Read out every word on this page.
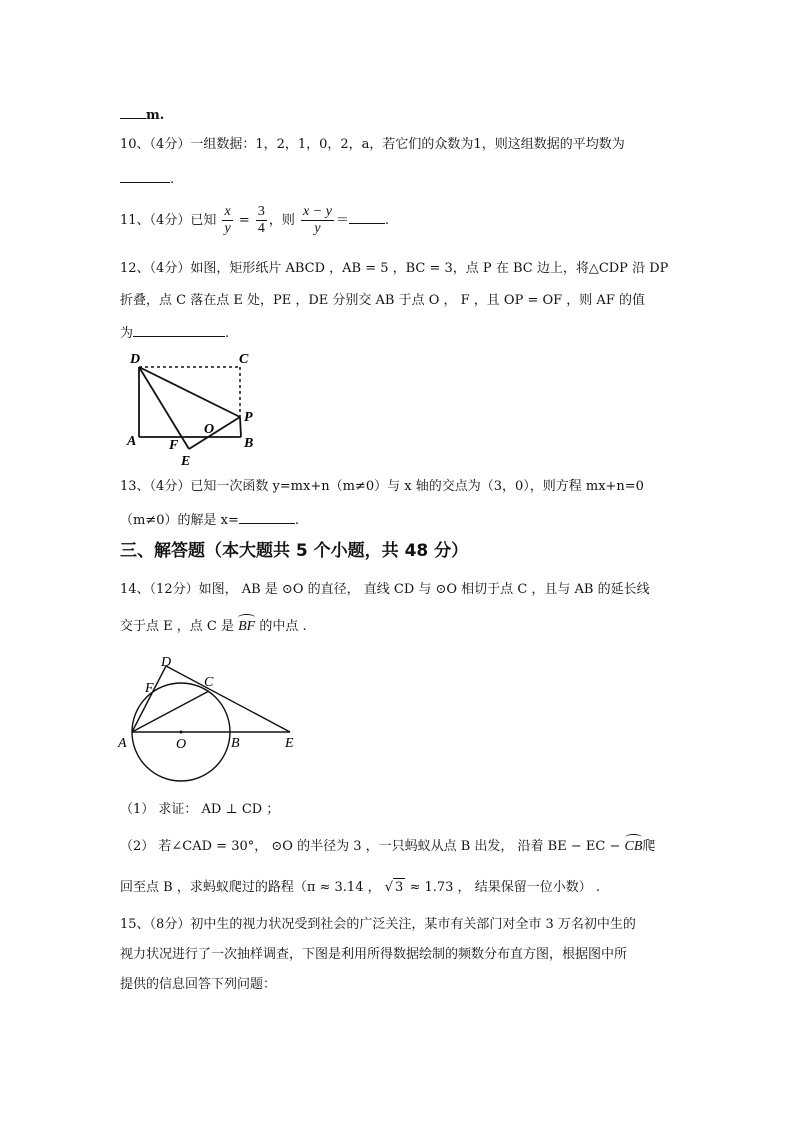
m.
10、（4分）一组数据：1，2，1，0，2，a，若它们的众数为1，则这组数据的平均数为
.
11、（4分）已知 $\frac{x}{y} = \frac{3}{4}$ ，则 $\frac{x - y}{y}$ ＝	.
12、（4分）如图，矩形纸片 ABCD ，AB = 5 ，BC = 3，点 P 在 BC 边上，将△CDP 沿 DP
折叠，点 C 落在点 E 处，PE ，DE 分别交 AB 于点 O ， F ，且 OP = OF ，则 AF 的值
为	.
D	C
P
A F
O
B
E
13、（4分）已知一次函数 y=mx+n（m≠0）与 x 轴的交点为（3，0），则方程 mx+n=0
（m≠0）的解是 x=	.
三、解答题（本大题共 5 个小题，共 48 分）
14、（12分）如图， AB 是 ⊙O 的直径， 直线 CD 与 ⊙O 相切于点 C ，且与 AB 的延长线
交于点 E ，点 C 是 BF 的中点 .
D
F	C
A	O	B	E
（1） 求证： AD ⊥ CD ；
（2） 若∠CAD = 30°， ⊙O 的半径为 3 ，一只蚂蚁从点 B 出发， 沿着 BE − EC − CB爬
回至点 B ，求蚂蚁爬过的路程（π ≈ 3.14 ， √ 3 ≈ 1.73 ， 结果保留一位小数） .
15、（8分）初中生的视力状况受到社会的广泛关注，某市有关部门对全市 3 万名初中生的
视力状况进行了一次抽样调查，下图是利用所得数据绘制的频数分布直方图，根据图中所
提供的信息回答下列问题：
